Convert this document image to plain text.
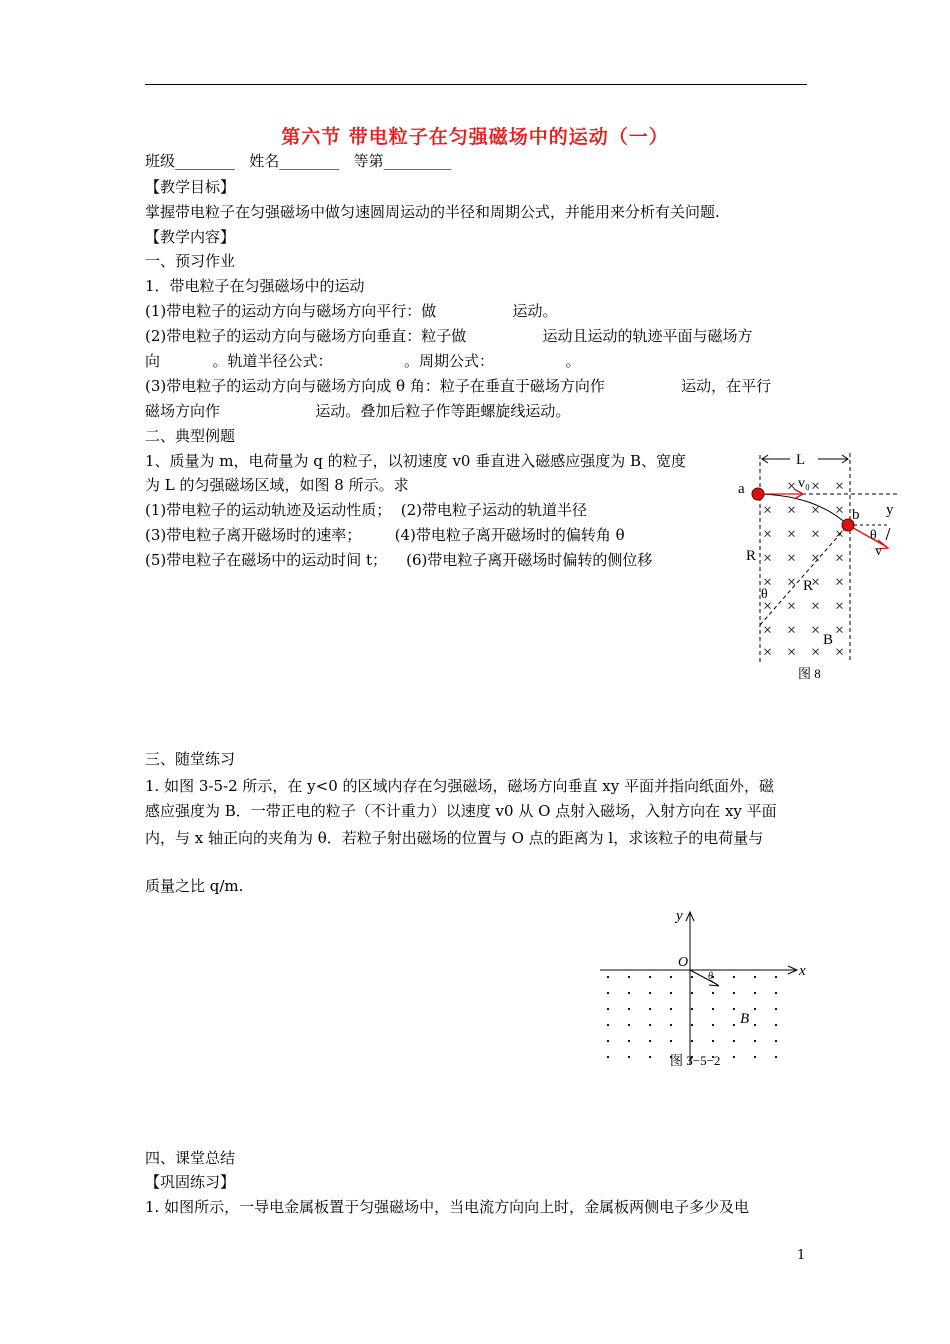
第六节 带电粒子在匀强磁场中的运动（一）
班级________   姓名________   等第_________
【教学目标】
掌握带电粒子在匀强磁场中做匀速圆周运动的半径和周期公式，并能用来分析有关问题.
【教学内容】
一、预习作业
1．带电粒子在匀强磁场中的运动
(1)带电粒子的运动方向与磁场方向平行：做                运动。
(2)带电粒子的运动方向与磁场方向垂直：粒子做                运动且运动的轨迹平面与磁场方
向           。轨道半径公式：               。周期公式：               。
(3)带电粒子的运动方向与磁场方向成 θ 角：粒子在垂直于磁场方向作                运动，在平行
磁场方向作                    运动。叠加后粒子作等距螺旋线运动。
二、典型例题
1、质量为 m，电荷量为 q 的粒子，以初速度 v0 垂直进入磁感应强度为 B、宽度
为 L 的匀强磁场区域，如图 8 所示。求
(1)带电粒子的运动轨迹及运动性质；  (2)带电粒子运动的轨道半径
(3)带电粒子离开磁场时的速率；       (4)带电粒子离开磁场时的偏转角 θ
(5)带电粒子在磁场中的运动时间 t；    (6)带电粒子离开磁场时偏转的侧位移
× × ×
× × × ×
× × × ×
× × × ×
× × × ×
× × × ×
× × × ×
× × × ×
L
a	v₀
y
b
θ
v
R
R
θ
B
图 8
三、随堂练习
1. 如图 3-5-2 所示，在 y<0 的区域内存在匀强磁场，磁场方向垂直 xy 平面并指向纸面外，磁
感应强度为 B．一带正电的粒子（不计重力）以速度 v0 从 O 点射入磁场，入射方向在 xy 平面
内，与 x 轴正向的夹角为 θ．若粒子射出磁场的位置与 O 点的距离为 l，求该粒子的电荷量与
质量之比 q/m.
y
O
x
θ
B
图 3−5−2
四、课堂总结
【巩固练习】
1. 如图所示，一导电金属板置于匀强磁场中，当电流方向向上时，金属板两侧电子多少及电
1
